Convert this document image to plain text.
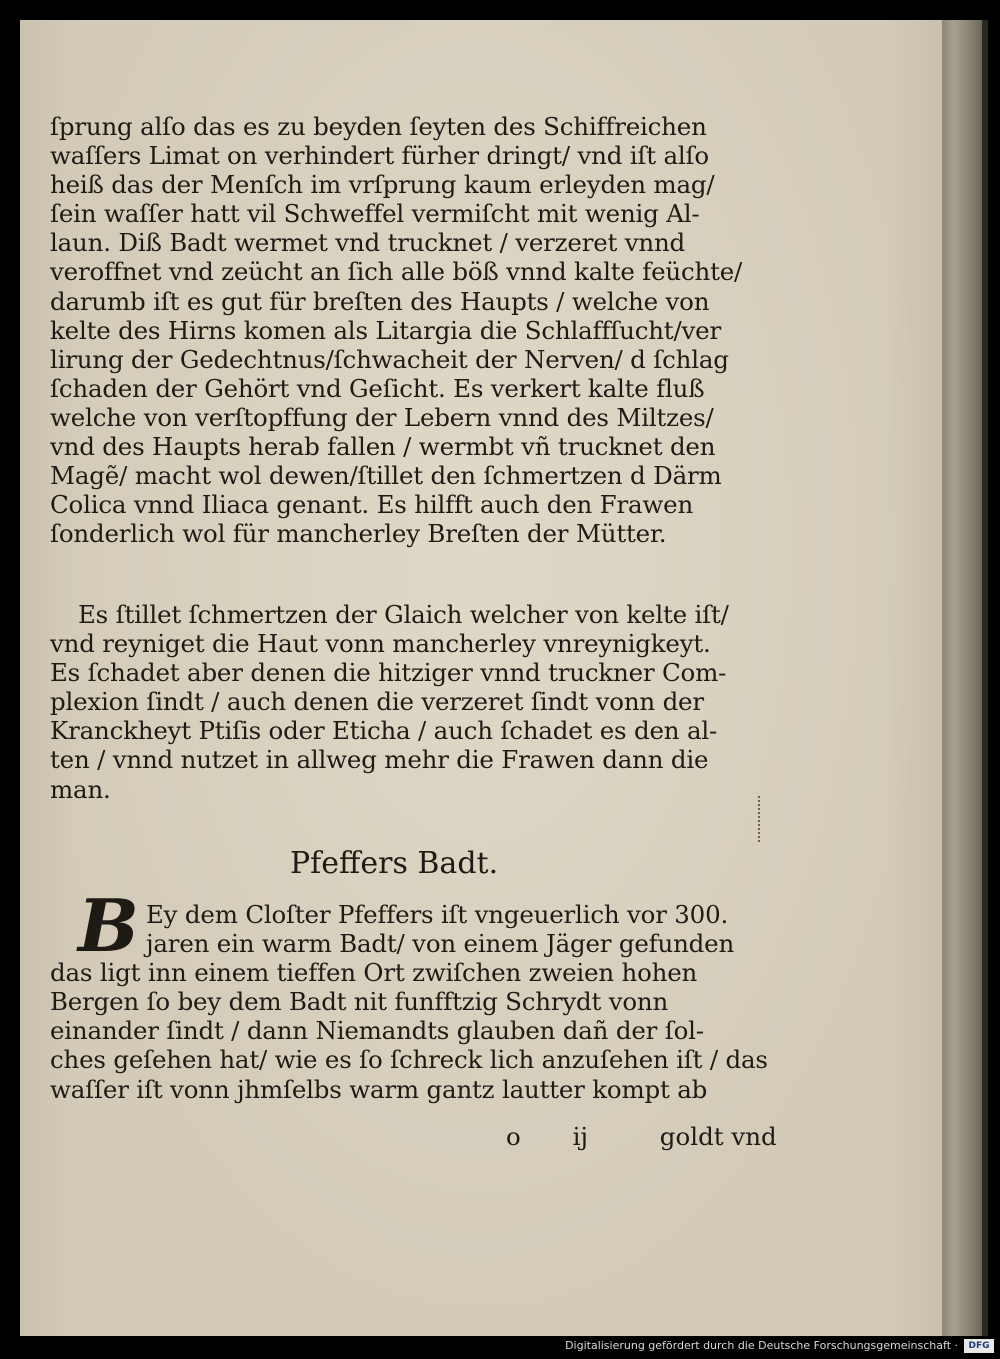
ſprung alſo das es zu beyden ſeyten des Schiffreichen
waſſers Limat on verhindert fürher dringt/ vnd iſt alſo
heiß das der Menſch im vrſprung kaum erleyden mag/
ſein waſſer hatt vil Schweffel vermiſcht mit wenig Al-
laun. Diß Badt wermet vnd trucknet / verzeret vnnd
veroffnet vnd zeücht an ſich alle böß vnnd kalte feüchte/
darumb iſt es gut für breſten des Haupts / welche von
kelte des Hirns komen als Litargia die Schlaffſucht/ver
lirung der Gedechtnus/ſchwacheit der Nerven/ d ſchlag
ſchaden der Gehört vnd Geſicht. Es verkert kalte fluß
welche von verſtopffung der Lebern vnnd des Miltzes/
vnd des Haupts herab fallen / wermbt vñ trucknet den
Magẽ/ macht wol dewen/ſtillet den ſchmertzen d Därm
Colica vnnd Iliaca genant. Es hilfft auch den Frawen
ſonderlich wol für mancherley Breſten der Mütter.
Es ſtillet ſchmertzen der Glaich welcher von kelte iſt/
vnd reyniget die Haut vonn mancherley vnreynigkeyt.
Es ſchadet aber denen die hitziger vnnd truckner Com-
plexion ſindt / auch denen die verzeret ſindt vonn der
Kranckheyt Ptiſis oder Eticha / auch ſchadet es den al-
ten / vnnd nutzet in allweg mehr die Frawen dann die
man.
Pfeffers Badt.
B Ey dem Cloſter Pfeffers iſt vngeuerlich vor 300.
jaren ein warm Badt/ von einem Jäger gefunden
das ligt inn einem tieffen Ort zwiſchen zweien hohen
Bergen ſo bey dem Badt nit funfftzig Schrydt vonn
einander ſindt / dann Niemandts glauben dañ der ſol-
ches geſehen hat/ wie es ſo ſchreck lich anzuſehen iſt / das
waſſer iſt vonn jhmſelbs warm gantz lautter kompt ab
o ij	goldt vnd
Digitalisierung gefördert durch die Deutsche Forschungsgemeinschaft ·	DFG
